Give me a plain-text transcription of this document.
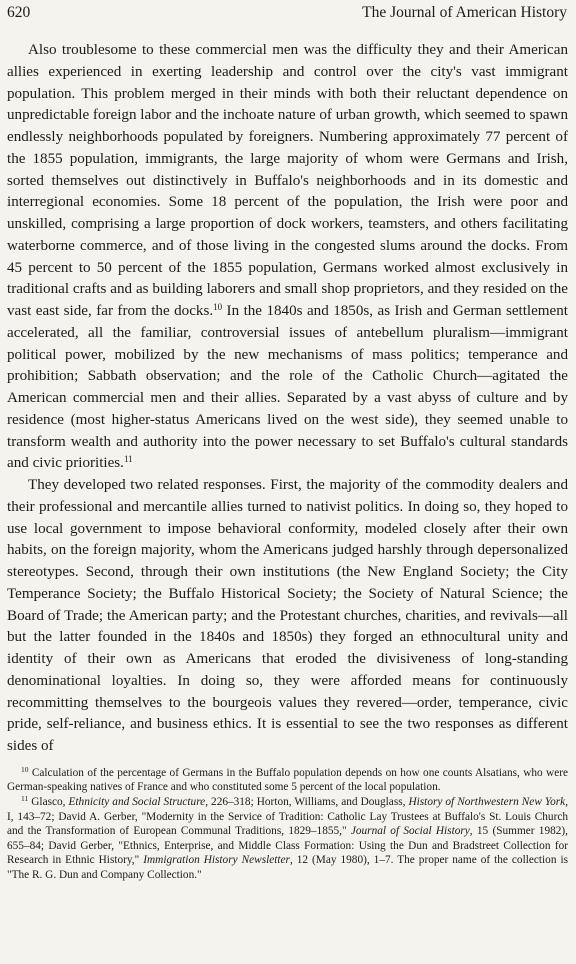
620	The Journal of American History

Also troublesome to these commercial men was the difficulty they and their American allies experienced in exerting leadership and control over the city's vast immigrant population. This problem merged in their minds with both their reluctant dependence on unpredictable foreign labor and the inchoate nature of urban growth, which seemed to spawn endlessly neighborhoods populated by foreigners. Numbering approximately 77 percent of the 1855 population, immigrants, the large majority of whom were Germans and Irish, sorted themselves out distinctively in Buffalo's neighborhoods and in its domestic and interregional economies. Some 18 percent of the population, the Irish were poor and unskilled, comprising a large proportion of dock workers, teamsters, and others facilitating waterborne commerce, and of those living in the congested slums around the docks. From 45 percent to 50 percent of the 1855 population, Germans worked almost exclusively in traditional crafts and as building laborers and small shop proprietors, and they resided on the vast east side, far from the docks.$^{10}$ In the 1840s and 1850s, as Irish and German settlement accelerated, all the familiar, controversial issues of antebellum pluralism—immigrant political power, mobilized by the new mechanisms of mass politics; temperance and prohibition; Sabbath observation; and the role of the Catholic Church—agitated the American commercial men and their allies. Separated by a vast abyss of culture and by residence (most higher-status Americans lived on the west side), they seemed unable to transform wealth and authority into the power necessary to set Buffalo's cultural standards and civic priorities.$^{11}$

They developed two related responses. First, the majority of the commodity dealers and their professional and mercantile allies turned to nativist politics. In doing so, they hoped to use local government to impose behavioral conformity, modeled closely after their own habits, on the foreign majority, whom the Americans judged harshly through depersonalized stereotypes. Second, through their own institutions (the New England Society; the City Temperance Society; the Buffalo Historical Society; the Society of Natural Science; the Board of Trade; the American party; and the Protestant churches, charities, and revivals—all but the latter founded in the 1840s and 1850s) they forged an ethnocultural unity and identity of their own as Americans that eroded the divisiveness of long-standing denominational loyalties. In doing so, they were afforded means for continuously recommitting themselves to the bourgeois values they revered—order, temperance, civic pride, self-reliance, and business ethics. It is essential to see the two responses as different sides of

$^{10}$ Calculation of the percentage of Germans in the Buffalo population depends on how one counts Alsatians, who were German-speaking natives of France and who constituted some 5 percent of the local population.

$^{11}$ Glasco, Ethnicity and Social Structure, 226–318; Horton, Williams, and Douglass, History of Northwestern New York, I, 143–72; David A. Gerber, "Modernity in the Service of Tradition: Catholic Lay Trustees at Buffalo's St. Louis Church and the Transformation of European Communal Traditions, 1829–1855," Journal of Social History, 15 (Summer 1982), 655–84; David Gerber, "Ethnics, Enterprise, and Middle Class Formation: Using the Dun and Bradstreet Collection for Research in Ethnic History," Immigration History Newsletter, 12 (May 1980), 1–7. The proper name of the collection is "The R. G. Dun and Company Collection."
